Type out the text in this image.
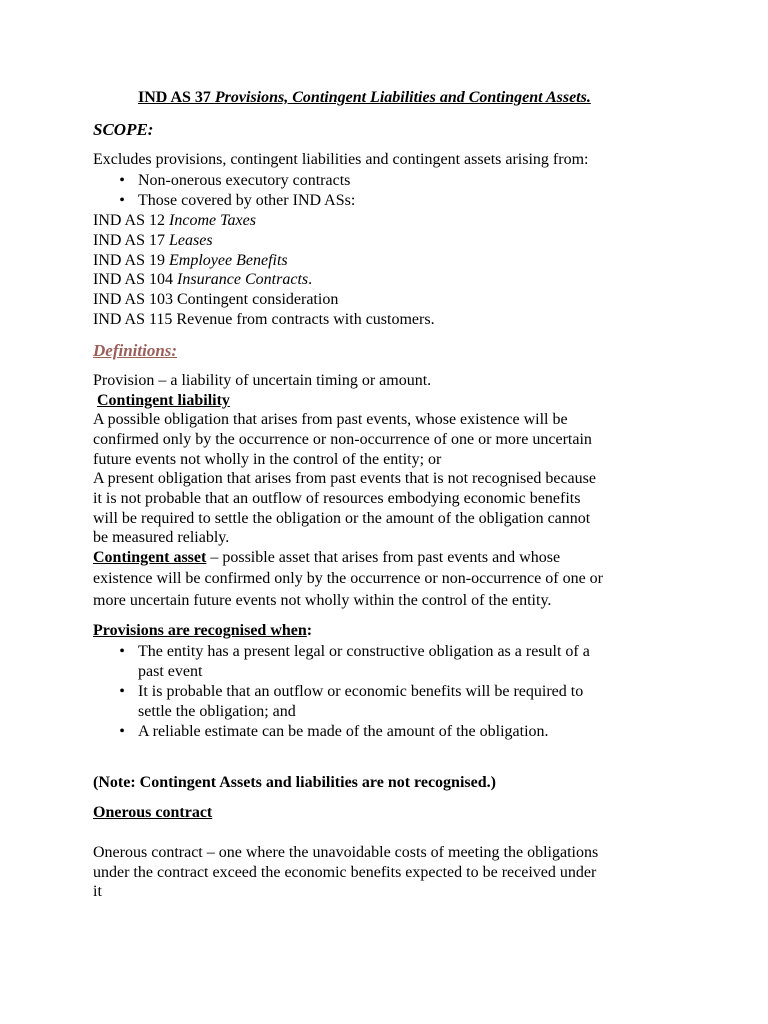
IND AS 37 Provisions, Contingent Liabilities and Contingent Assets.
SCOPE:
Excludes provisions, contingent liabilities and contingent assets arising from:
• Non-onerous executory contracts
• Those covered by other IND ASs:
IND AS 12 Income Taxes
IND AS 17 Leases
IND AS 19 Employee Benefits
IND AS 104 Insurance Contracts.
IND AS 103 Contingent consideration
IND AS 115 Revenue from contracts with customers.
Definitions:
Provision – a liability of uncertain timing or amount.
Contingent liability
A possible obligation that arises from past events, whose existence will be
confirmed only by the occurrence or non-occurrence of one or more uncertain
future events not wholly in the control of the entity; or
A present obligation that arises from past events that is not recognised because
it is not probable that an outflow of resources embodying economic benefits
will be required to settle the obligation or the amount of the obligation cannot
be measured reliably.
Contingent asset – possible asset that arises from past events and whose
existence will be confirmed only by the occurrence or non-occurrence of one or
more uncertain future events not wholly within the control of the entity.
Provisions are recognised when:
• The entity has a present legal or constructive obligation as a result of a
past event
• It is probable that an outflow or economic benefits will be required to
settle the obligation; and
• A reliable estimate can be made of the amount of the obligation.
(Note: Contingent Assets and liabilities are not recognised.)
Onerous contract
Onerous contract – one where the unavoidable costs of meeting the obligations
under the contract exceed the economic benefits expected to be received under
it
